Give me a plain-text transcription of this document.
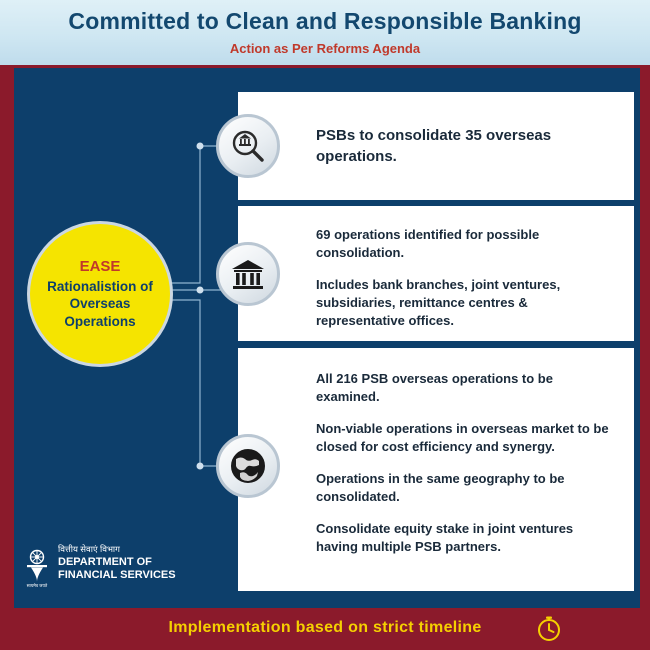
Committed to Clean and Responsible Banking
Action as Per Reforms Agenda
EASE
Rationalistion of Overseas Operations

PSBs to consolidate 35 overseas operations.

69 operations identified for possible consolidation.

Includes bank branches, joint ventures, subsidiaries, remittance centres & representative offices.

All 216 PSB overseas operations to be examined.

Non-viable operations in overseas market to be closed for cost efficiency and synergy.

Operations in the same geography to be consolidated.

Consolidate equity stake in joint ventures having multiple PSB partners.

सत्यमेव जयते
वित्तीय सेवाएं विभाग
DEPARTMENT OF
FINANCIAL SERVICES
Implementation based on strict timeline
